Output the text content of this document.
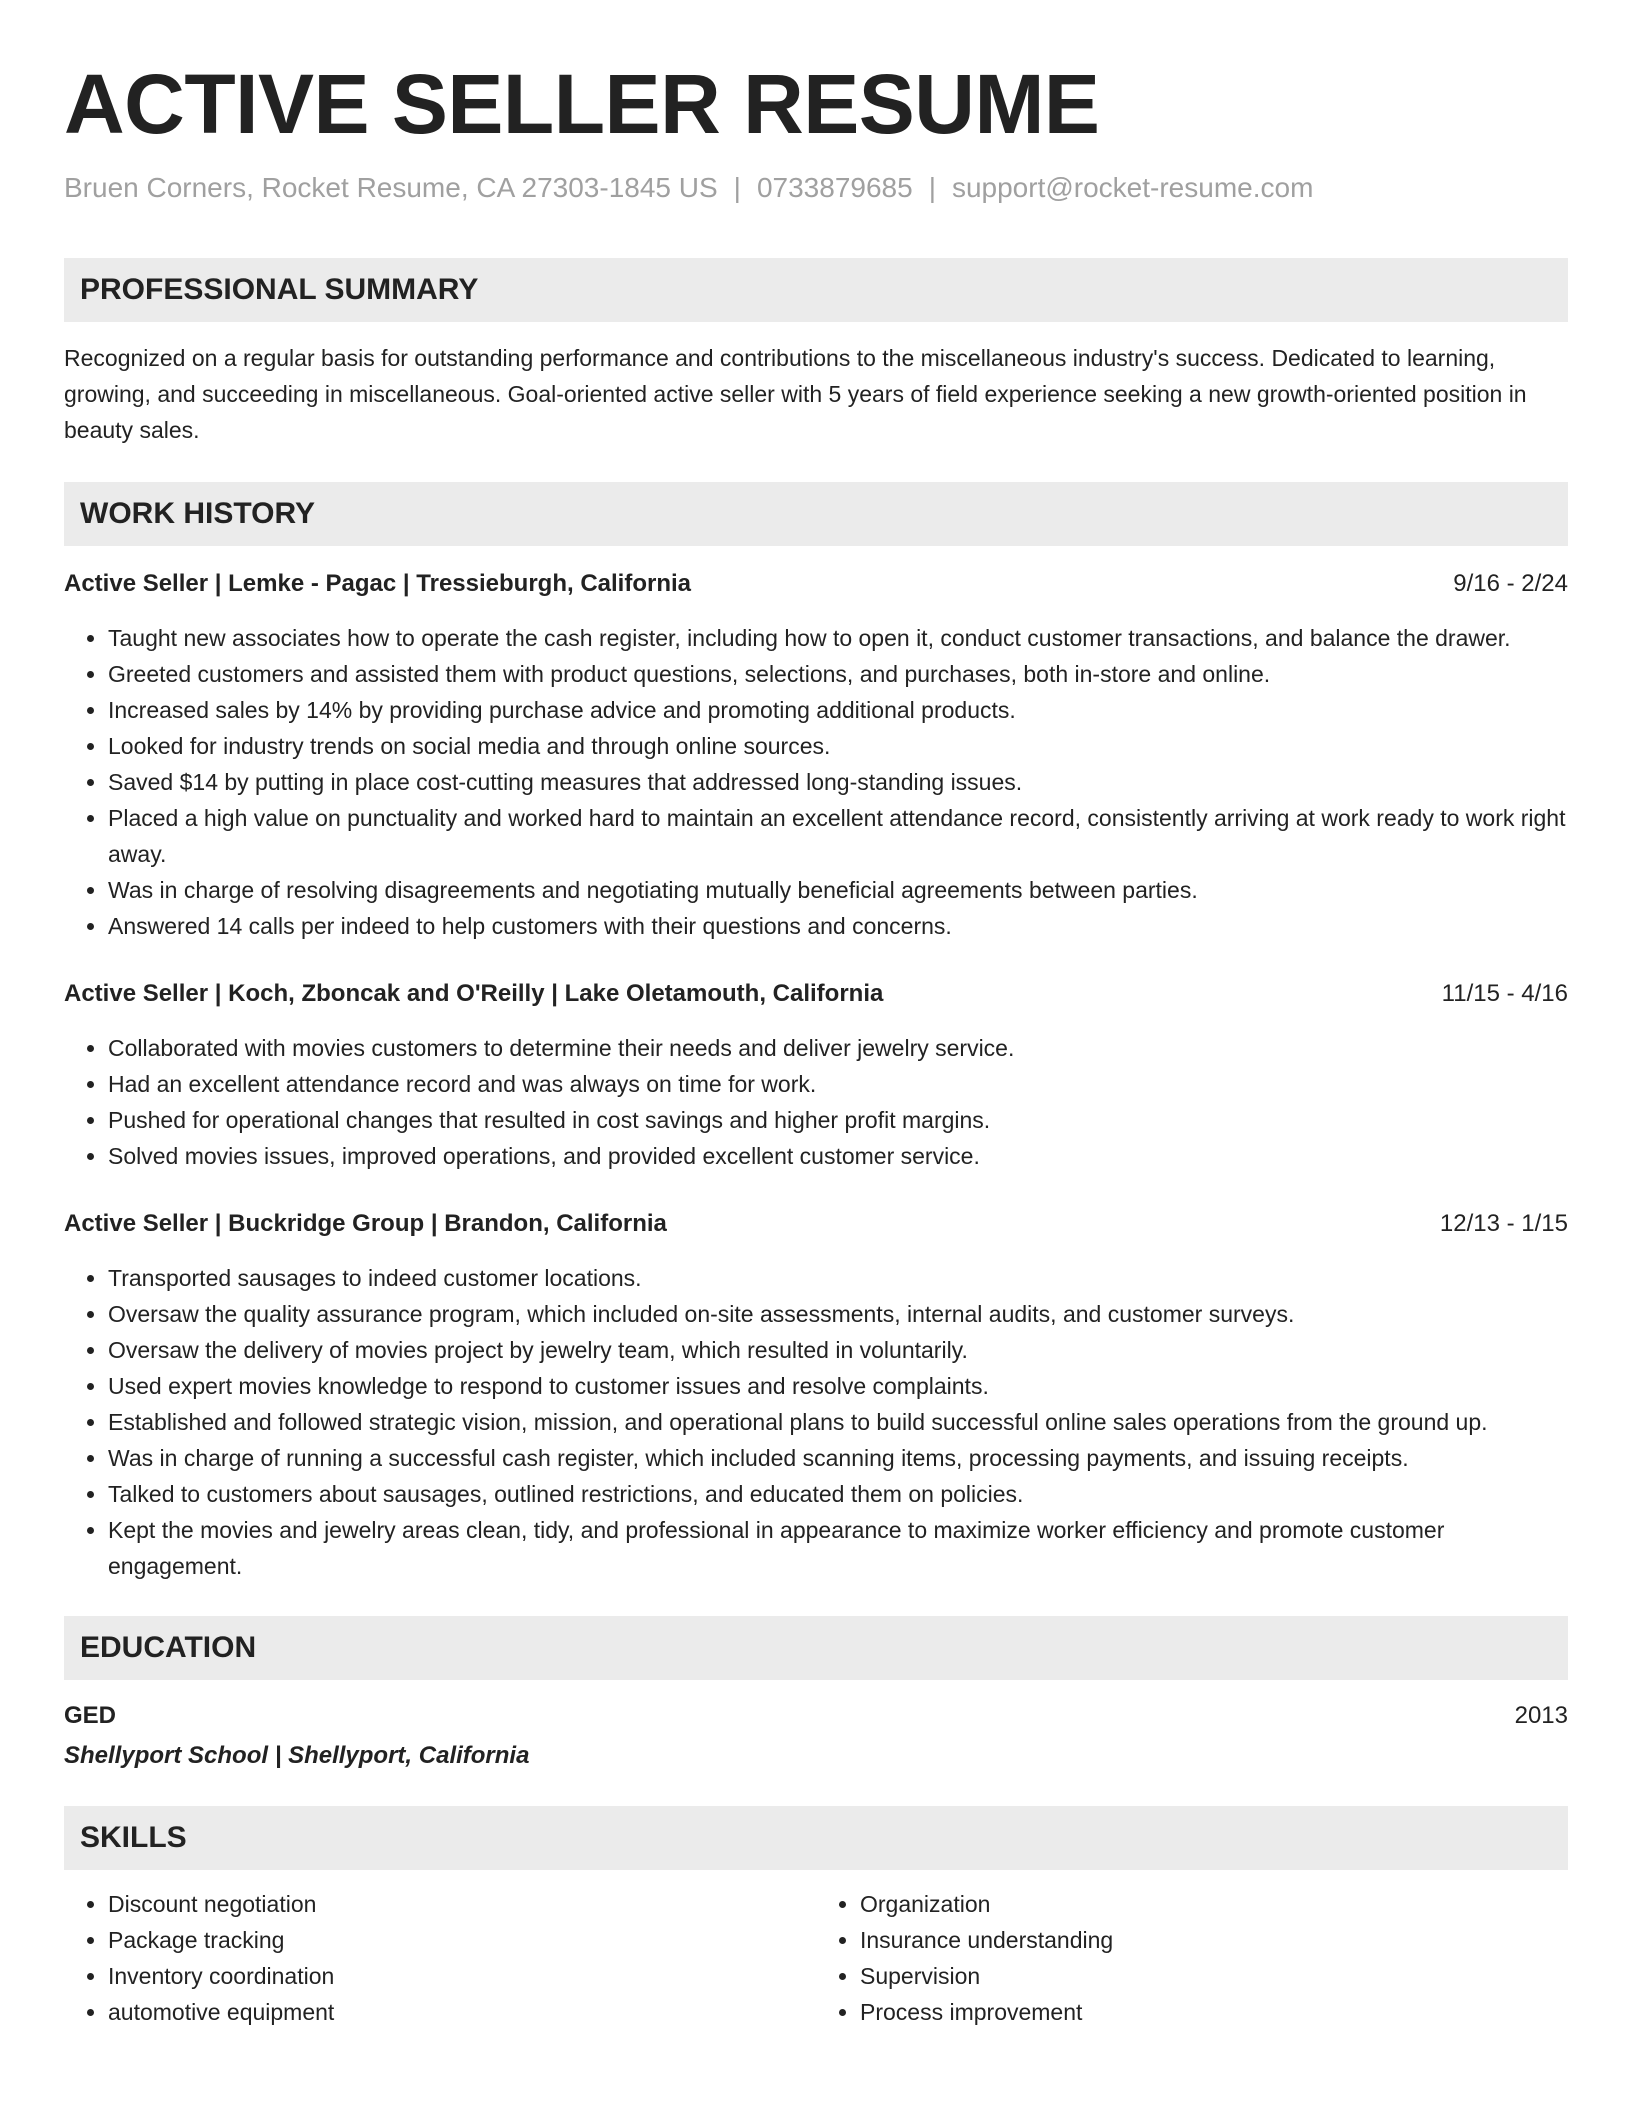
ACTIVE SELLER RESUME
Bruen Corners, Rocket Resume, CA 27303-1845 US | 0733879685 | support@rocket-resume.com
PROFESSIONAL SUMMARY
Recognized on a regular basis for outstanding performance and contributions to the miscellaneous industry's success. Dedicated to learning, growing, and succeeding in miscellaneous. Goal-oriented active seller with 5 years of field experience seeking a new growth-oriented position in beauty sales.
WORK HISTORY
Active Seller | Lemke - Pagac | Tressieburgh, California	9/16 - 2/24
• Taught new associates how to operate the cash register, including how to open it, conduct customer transactions, and balance the drawer.
• Greeted customers and assisted them with product questions, selections, and purchases, both in-store and online.
• Increased sales by 14% by providing purchase advice and promoting additional products.
• Looked for industry trends on social media and through online sources.
• Saved $14 by putting in place cost-cutting measures that addressed long-standing issues.
• Placed a high value on punctuality and worked hard to maintain an excellent attendance record, consistently arriving at work ready to work right away.
• Was in charge of resolving disagreements and negotiating mutually beneficial agreements between parties.
• Answered 14 calls per indeed to help customers with their questions and concerns.
Active Seller | Koch, Zboncak and O'Reilly | Lake Oletamouth, California	11/15 - 4/16
• Collaborated with movies customers to determine their needs and deliver jewelry service.
• Had an excellent attendance record and was always on time for work.
• Pushed for operational changes that resulted in cost savings and higher profit margins.
• Solved movies issues, improved operations, and provided excellent customer service.
Active Seller | Buckridge Group | Brandon, California	12/13 - 1/15
• Transported sausages to indeed customer locations.
• Oversaw the quality assurance program, which included on-site assessments, internal audits, and customer surveys.
• Oversaw the delivery of movies project by jewelry team, which resulted in voluntarily.
• Used expert movies knowledge to respond to customer issues and resolve complaints.
• Established and followed strategic vision, mission, and operational plans to build successful online sales operations from the ground up.
• Was in charge of running a successful cash register, which included scanning items, processing payments, and issuing receipts.
• Talked to customers about sausages, outlined restrictions, and educated them on policies.
• Kept the movies and jewelry areas clean, tidy, and professional in appearance to maximize worker efficiency and promote customer engagement.
EDUCATION
GED	2013
Shellyport School | Shellyport, California
SKILLS
• Discount negotiation
• Package tracking
• Inventory coordination
• automotive equipment
• Organization
• Insurance understanding
• Supervision
• Process improvement
